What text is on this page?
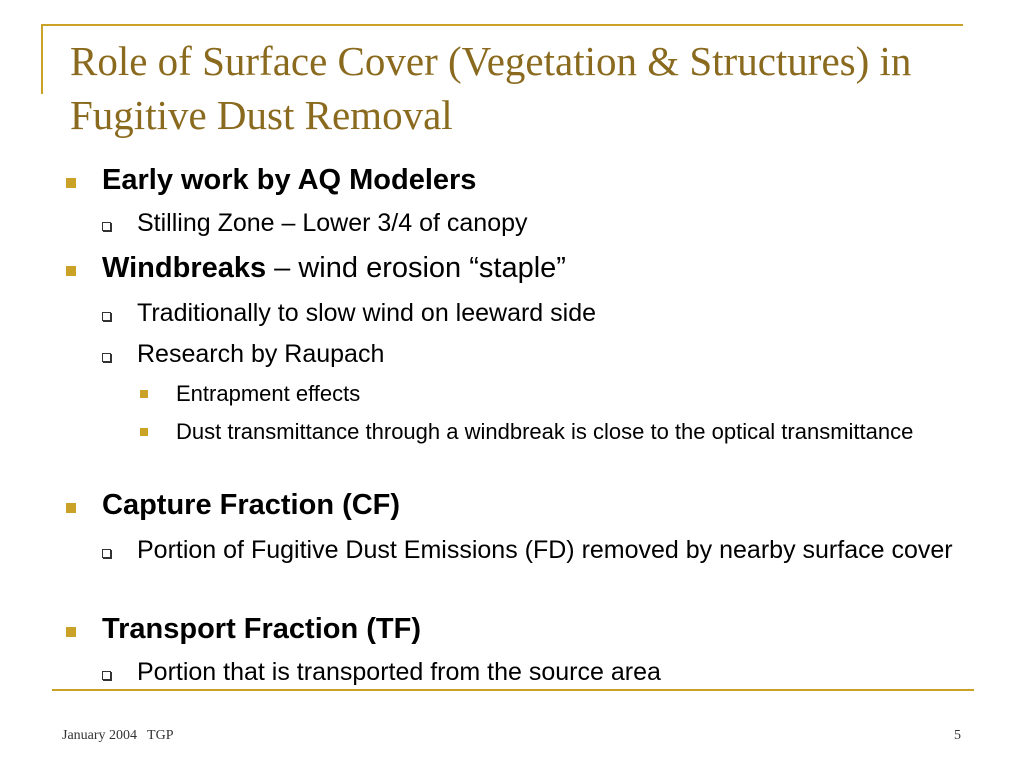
Role of Surface Cover (Vegetation & Structures) in Fugitive Dust Removal
Early work by AQ Modelers
Stilling Zone – Lower 3/4 of canopy
Windbreaks – wind erosion “staple”
Traditionally to slow wind on leeward side
Research by Raupach
Entrapment effects
Dust transmittance through a windbreak is close to the optical transmittance
Capture Fraction (CF)
Portion of Fugitive Dust Emissions (FD) removed by nearby surface cover
Transport Fraction (TF)
Portion that is transported from the source area
January 2004 TGP	5
